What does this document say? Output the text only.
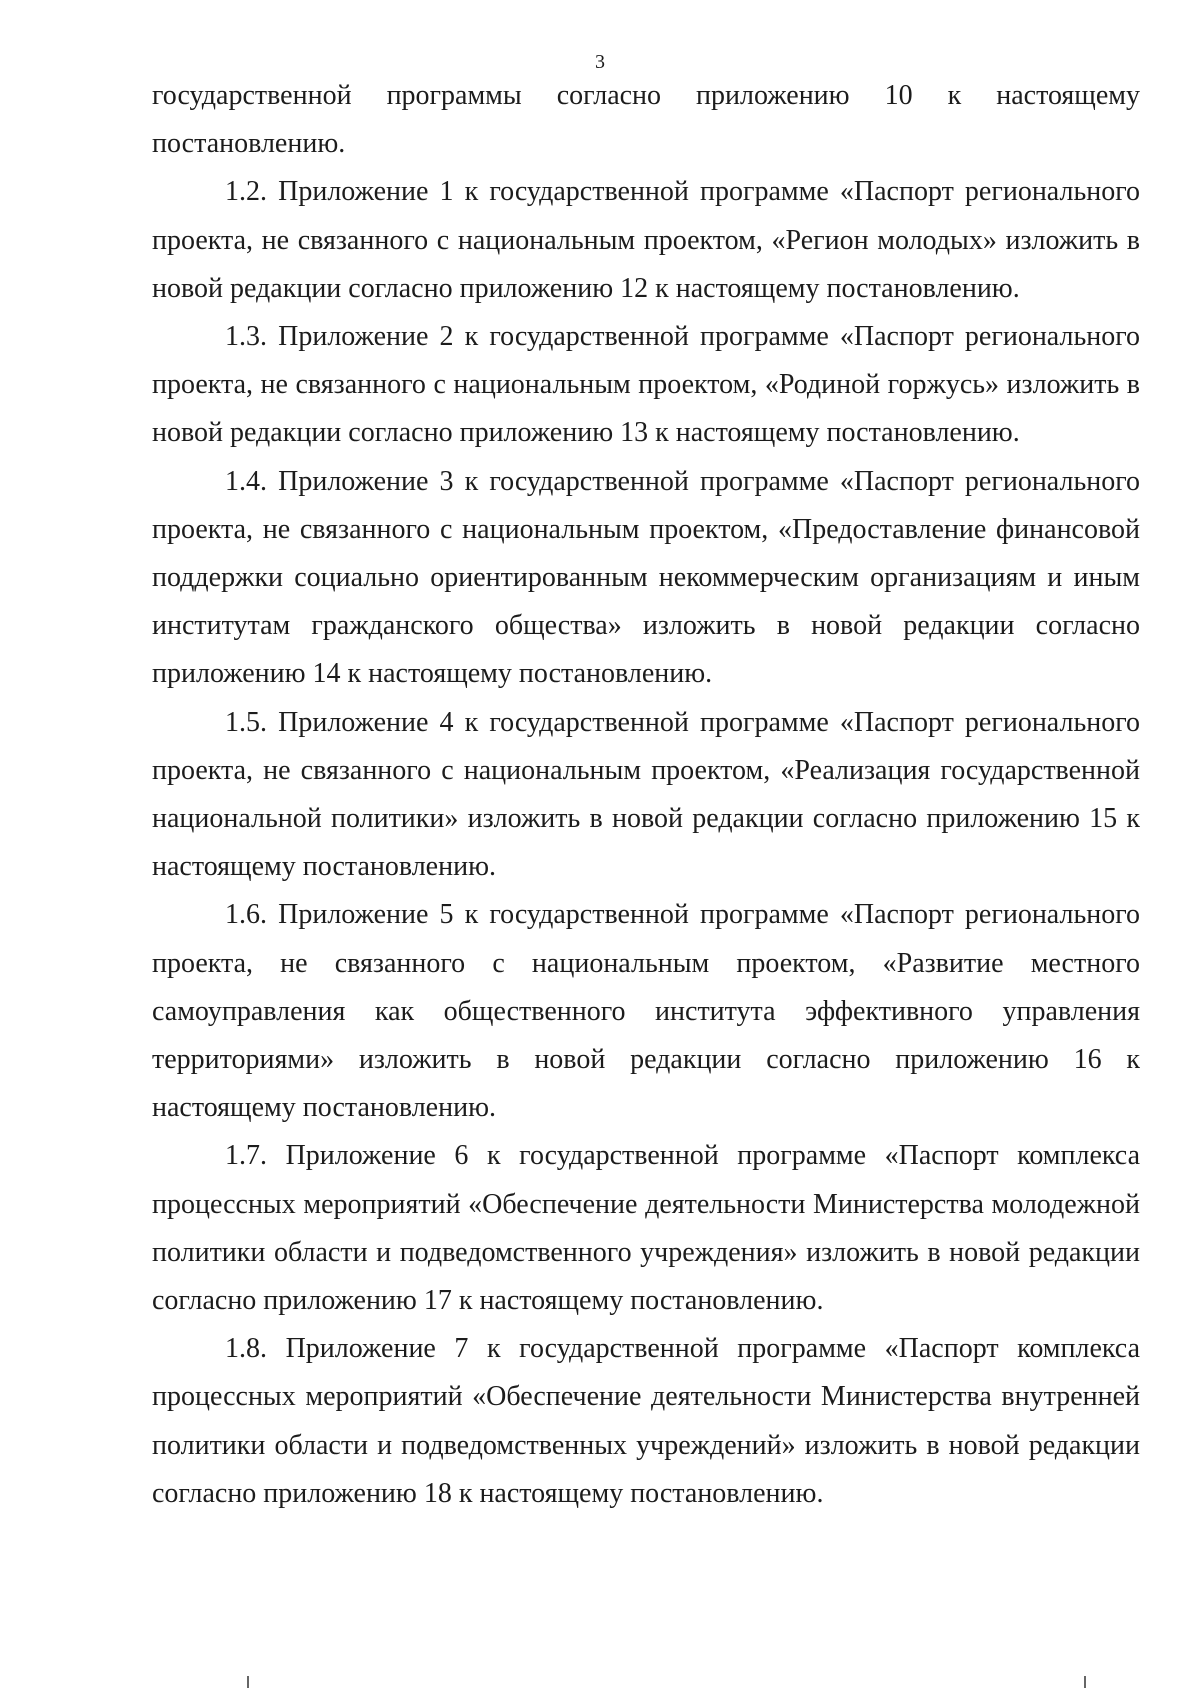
3

государственной программы согласно приложению 10 к настоящему постановлению.

1.2. Приложение 1 к государственной программе «Паспорт регионального проекта, не связанного с национальным проектом, «Регион молодых» изложить в новой редакции согласно приложению 12 к настоящему постановлению.

1.3. Приложение 2 к государственной программе «Паспорт регионального проекта, не связанного с национальным проектом, «Родиной горжусь» изложить в новой редакции согласно приложению 13 к настоящему постановлению.

1.4. Приложение 3 к государственной программе «Паспорт регионального проекта, не связанного с национальным проектом, «Предоставление финансовой поддержки социально ориентированным некоммерческим организациям и иным институтам гражданского общества» изложить в новой редакции согласно приложению 14 к настоящему постановлению.

1.5. Приложение 4 к государственной программе «Паспорт регионального проекта, не связанного с национальным проектом, «Реализация государственной национальной политики» изложить в новой редакции согласно приложению 15 к настоящему постановлению.

1.6. Приложение 5 к государственной программе «Паспорт регионального проекта, не связанного с национальным проектом, «Развитие местного самоуправления как общественного института эффективного управления территориями» изложить в новой редакции согласно приложению 16 к настоящему постановлению.

1.7. Приложение 6 к государственной программе «Паспорт комплекса процессных мероприятий «Обеспечение деятельности Министерства молодежной политики области и подведомственного учреждения» изложить в новой редакции согласно приложению 17 к настоящему постановлению.

1.8. Приложение 7 к государственной программе «Паспорт комплекса процессных мероприятий «Обеспечение деятельности Министерства внутренней политики области и подведомственных учреждений» изложить в новой редакции согласно приложению 18 к настоящему постановлению.
